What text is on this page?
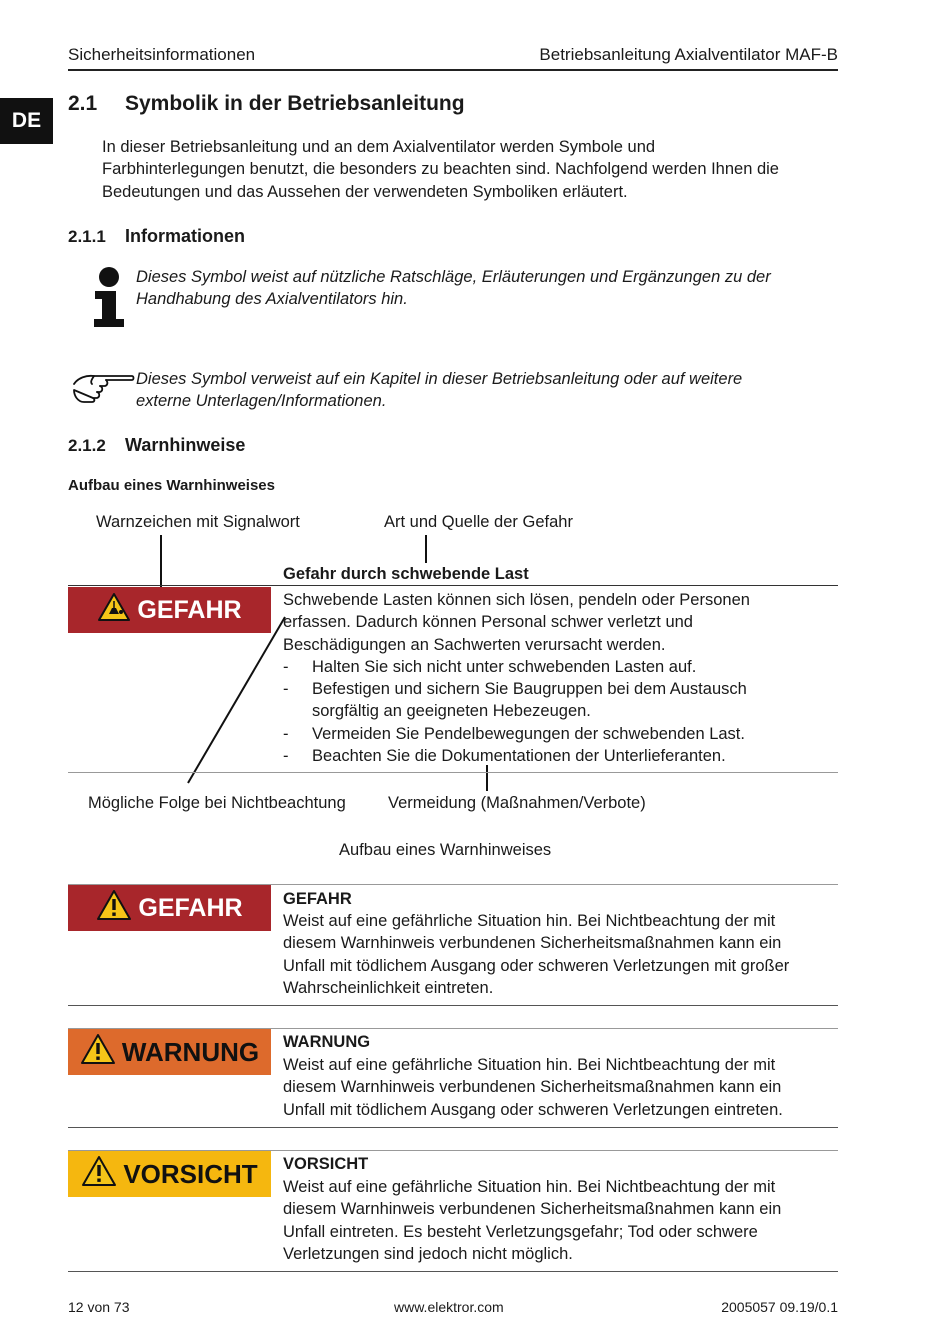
Sicherheitsinformationen	Betriebsanleitung Axialventilator MAF-B
DE
2.1 Symbolik in der Betriebsanleitung
In dieser Betriebsanleitung und an dem Axialventilator werden Symbole und
Farbhinterlegungen benutzt, die besonders zu beachten sind. Nachfolgend werden Ihnen die
Bedeutungen und das Aussehen der verwendeten Symboliken erläutert.
2.1.1 Informationen
Dieses Symbol weist auf nützliche Ratschläge, Erläuterungen und Ergänzungen zu der
Handhabung des Axialventilators hin.
Dieses Symbol verweist auf ein Kapitel in dieser Betriebsanleitung oder auf weitere
externe Unterlagen/Informationen.
2.1.2 Warnhinweise
Aufbau eines Warnhinweises
Warnzeichen mit Signalwort	Art und Quelle der Gefahr
Gefahr durch schwebende Last
GEFAHR	Schwebende Lasten können sich lösen, pendeln oder Personen
erfassen. Dadurch können Personal schwer verletzt und
Beschädigungen an Sachwerten verursacht werden.
- Halten Sie sich nicht unter schwebenden Lasten auf.
- Befestigen und sichern Sie Baugruppen bei dem Austausch
sorgfältig an geeigneten Hebezeugen.
- Vermeiden Sie Pendelbewegungen der schwebenden Last.
- Beachten Sie die Dokumentationen der Unterlieferanten.
Mögliche Folge bei Nichtbeachtung	Vermeidung (Maßnahmen/Verbote)
Aufbau eines Warnhinweises
GEFAHR GEFAHR
Weist auf eine gefährliche Situation hin. Bei Nichtbeachtung der mit
diesem Warnhinweis verbundenen Sicherheitsmaßnahmen kann ein
Unfall mit tödlichem Ausgang oder schweren Verletzungen mit großer
Wahrscheinlichkeit eintreten.
WARNUNG WARNUNG
Weist auf eine gefährliche Situation hin. Bei Nichtbeachtung der mit
diesem Warnhinweis verbundenen Sicherheitsmaßnahmen kann ein
Unfall mit tödlichem Ausgang oder schweren Verletzungen eintreten.
VORSICHT VORSICHT
Weist auf eine gefährliche Situation hin. Bei Nichtbeachtung der mit
diesem Warnhinweis verbundenen Sicherheitsmaßnahmen kann ein
Unfall eintreten. Es besteht Verletzungsgefahr; Tod oder schwere
Verletzungen sind jedoch nicht möglich.
12 von 73	www.elektror.com	2005057 09.19/0.1
